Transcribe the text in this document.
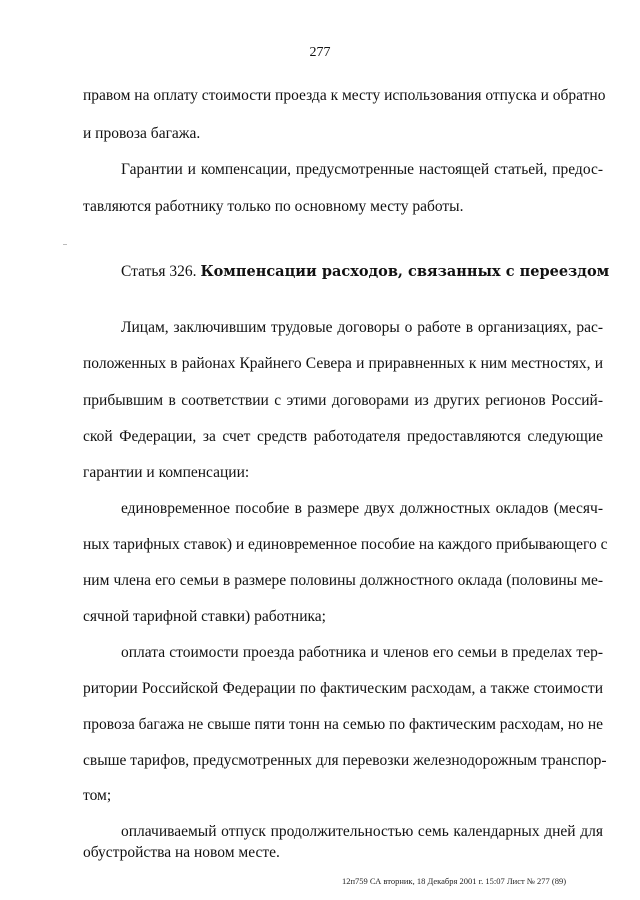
277
правом на оплату стоимости проезда к месту использования отпуска и обратно
и провоза багажа.
Гарантии и компенсации, предусмотренные настоящей статьей, предос-
тавляются работнику только по основному месту работы.
Статья 326. Компенсации расходов, связанных с переездом
Лицам, заключившим трудовые договоры о работе в организациях, рас-
положенных в районах Крайнего Севера и приравненных к ним местностях, и
прибывшим в соответствии с этими договорами из других регионов Россий-
ской Федерации, за счет средств работодателя предоставляются следующие
гарантии и компенсации:
единовременное пособие в размере двух должностных окладов (месяч-
ных тарифных ставок) и единовременное пособие на каждого прибывающего с
ним члена его семьи в размере половины должностного оклада (половины ме-
сячной тарифной ставки) работника;
оплата стоимости проезда работника и членов его семьи в пределах тер-
ритории Российской Федерации по фактическим расходам, а также стоимости
провоза багажа не свыше пяти тонн на семью по фактическим расходам, но не
свыше тарифов, предусмотренных для перевозки железнодорожным транспор-
том;
оплачиваемый отпуск продолжительностью семь календарных дней для
обустройства на новом месте.
12п759 СА вторник, 18 Декабря 2001 г. 15:07 Лист № 277 (89)
